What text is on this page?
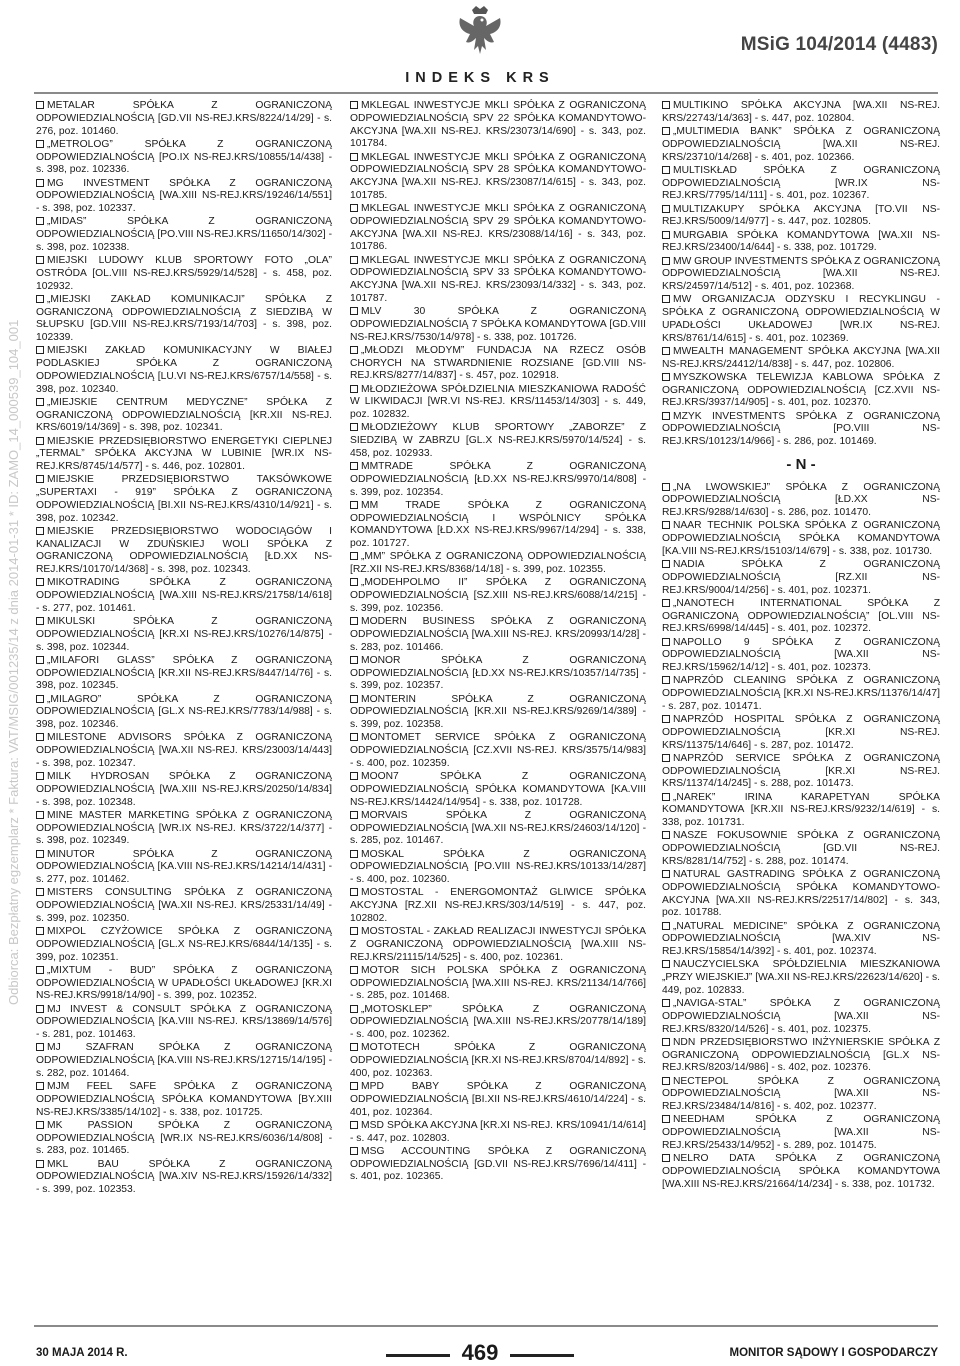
MSiG 104/2014 (4483)
INDEKS KRS
Odbiorca: Bezpłatny egzemplarz * Faktura: VAT/MSIG/001235/14 z dnia 2014-01-31 * ID: ZAMO_14_000539_104_001
METALAR SPÓŁKA Z OGRANICZONĄ ODPOWIEDZIALNOŚCIĄ [GD.VII NS-REJ.KRS/8224/14/29] - s. 276, poz. 101460.
„METROLOG” SPÓŁKA Z OGRANICZONĄ ODPOWIEDZIALNOŚCIĄ [PO.IX NS-REJ.KRS/10855/14/438] - s. 398, poz. 102336.
MG INVESTMENT SPÓŁKA Z OGRANICZONĄ ODPOWIEDZIALNOŚCIĄ [WA.XIII NS-REJ.KRS/19246/14/551] - s. 398, poz. 102337.
„MIDAS” SPÓŁKA Z OGRANICZONĄ ODPOWIEDZIALNOŚCIĄ [PO.VIII NS-REJ.KRS/11650/14/302] - s. 398, poz. 102338.
MIEJSKI LUDOWY KLUB SPORTOWY FOTO „OLA” OSTRÓDA [OL.VIII NS-REJ.KRS/5929/14/528] - s. 458, poz. 102932.
„MIEJSKI ZAKŁAD KOMUNIKACJI” SPÓŁKA Z OGRANICZONĄ ODPOWIEDZIALNOŚCIĄ Z SIEDZIBĄ W SŁUPSKU [GD.VIII NS-REJ.KRS/7193/14/703] - s. 398, poz. 102339.
MIEJSKI ZAKŁAD KOMUNIKACYJNY W BIAŁEJ PODLASKIEJ SPÓŁKA Z OGRANICZONĄ ODPOWIEDZIALNOŚCIĄ [LU.VI NS-REJ.KRS/6757/14/558] - s. 398, poz. 102340.
„MIEJSKIE CENTRUM MEDYCZNE” SPÓŁKA Z OGRANICZONĄ ODPOWIEDZIALNOŚCIĄ [KR.XII NS-REJ. KRS/6019/14/369] - s. 398, poz. 102341.
MIEJSKIE PRZEDSIĘBIORSTWO ENERGETYKI CIEPLNEJ „TERMAL” SPÓŁKA AKCYJNA W LUBINIE [WR.IX NS-REJ.KRS/8745/14/577] - s. 446, poz. 102801.
MIEJSKIE PRZEDSIĘBIORSTWO TAKSÓWKOWE „SUPERTAXI - 919” SPÓŁKA Z OGRANICZONĄ ODPOWIEDZIALNOŚCIĄ [BI.XII NS-REJ.KRS/4310/14/921] - s. 398, poz. 102342.
MIEJSKIE PRZEDSIĘBIORSTWO WODOCIĄGÓW I KANALIZACJI W ZDUŃSKIEJ WOLI SPÓŁKA Z OGRANICZONĄ ODPOWIEDZIALNOŚCIĄ [ŁD.XX NS-REJ.KRS/10170/14/368] - s. 398, poz. 102343.
MIKOTRADING SPÓŁKA Z OGRANICZONĄ ODPOWIEDZIALNOŚCIĄ [WA.XIII NS-REJ.KRS/21758/14/618] - s. 277, poz. 101461.
MIKULSKI SPÓŁKA Z OGRANICZONĄ ODPOWIEDZIALNOŚCIĄ [KR.XI NS-REJ.KRS/10276/14/875] - s. 398, poz. 102344.
„MILAFORI GLASS” SPÓŁKA Z OGRANICZONĄ ODPOWIEDZIALNOŚCIĄ [KR.XII NS-REJ.KRS/8447/14/76] - s. 398, poz. 102345.
„MILAGRO” SPÓŁKA Z OGRANICZONĄ ODPOWIEDZIALNOŚCIĄ [GL.X NS-REJ.KRS/7783/14/988] - s. 398, poz. 102346.
MILESTONE ADVISORS SPÓŁKA Z OGRANICZONĄ ODPOWIEDZIALNOŚCIĄ [WA.XII NS-REJ. KRS/23003/14/443] - s. 398, poz. 102347.
MILK HYDROSAN SPÓŁKA Z OGRANICZONĄ ODPOWIEDZIALNOŚCIĄ [WA.XIII NS-REJ.KRS/20250/14/834] - s. 398, poz. 102348.
MINE MASTER MARKETING SPÓŁKA Z OGRANICZONĄ ODPOWIEDZIALNOŚCIĄ [WR.IX NS-REJ. KRS/3722/14/377] - s. 398, poz. 102349.
MINUTOR SPÓŁKA Z OGRANICZONĄ ODPOWIEDZIALNOŚCIĄ [KA.VIII NS-REJ.KRS/14214/14/431] - s. 277, poz. 101462.
MISTERS CONSULTING SPÓŁKA Z OGRANICZONĄ ODPOWIEDZIALNOŚCIĄ [WA.XII NS-REJ. KRS/25331/14/49] - s. 399, poz. 102350.
MIXPOL CZYŻOWICE SPÓŁKA Z OGRANICZONĄ ODPOWIEDZIALNOŚCIĄ [GL.X NS-REJ.KRS/6844/14/135] - s. 399, poz. 102351.
„MIXTUM - BUD” SPÓŁKA Z OGRANICZONĄ ODPOWIEDZIALNOŚCIĄ W UPADŁOŚCI UKŁADOWEJ [KR.XI NS-REJ.KRS/9918/14/90] - s. 399, poz. 102352.
MJ INVEST & CONSULT SPÓŁKA Z OGRANICZONĄ ODPOWIEDZIALNOŚCIĄ [KA.VIII NS-REJ. KRS/13869/14/576] - s. 281, poz. 101463.
MJ SZAFRAN SPÓŁKA Z OGRANICZONĄ ODPOWIEDZIALNOŚCIĄ [KA.VIII NS-REJ.KRS/12715/14/195] - s. 282, poz. 101464.
MJM FEEL SAFE SPÓŁKA Z OGRANICZONĄ ODPOWIEDZIALNOŚCIĄ SPÓŁKA KOMANDYTOWA [BY.XIII NS-REJ.KRS/3385/14/102] - s. 338, poz. 101725.
MK PASSION SPÓŁKA Z OGRANICZONĄ ODPOWIEDZIALNOŚCIĄ [WR.IX NS-REJ.KRS/6036/14/808] - s. 283, poz. 101465.
MKL BAU SPÓŁKA Z OGRANICZONĄ ODPOWIEDZIALNOŚCIĄ [WA.XIV NS-REJ.KRS/15926/14/332] - s. 399, poz. 102353.
MKLEGAL INWESTYCJE MKLI SPÓŁKA Z OGRANICZONĄ ODPOWIEDZIALNOŚCIĄ SPV 22 SPÓŁKA KOMANDYTOWO-AKCYJNA [WA.XII NS-REJ. KRS/23073/14/690] - s. 343, poz. 101784.
MKLEGAL INWESTYCJE MKLI SPÓŁKA Z OGRANICZONĄ ODPOWIEDZIALNOŚCIĄ SPV 28 SPÓŁKA KOMANDYTOWO-AKCYJNA [WA.XII NS-REJ. KRS/23087/14/615] - s. 343, poz. 101785.
MKLEGAL INWESTYCJE MKLI SPÓŁKA Z OGRANICZONĄ ODPOWIEDZIALNOŚCIĄ SPV 29 SPÓŁKA KOMANDYTOWO-AKCYJNA [WA.XII NS-REJ. KRS/23088/14/16] - s. 343, poz. 101786.
MKLEGAL INWESTYCJE MKLI SPÓŁKA Z OGRANICZONĄ ODPOWIEDZIALNOŚCIĄ SPV 33 SPÓŁKA KOMANDYTOWO-AKCYJNA [WA.XII NS-REJ. KRS/23093/14/332] - s. 343, poz. 101787.
MLV 30 SPÓŁKA Z OGRANICZONĄ ODPOWIEDZIALNOŚCIĄ 7 SPÓŁKA KOMANDYTOWA [GD.VIII NS-REJ.KRS/7530/14/978] - s. 338, poz. 101726.
„MŁODZI MŁODYM” FUNDACJA NA RZECZ OSÓB CHORYCH NA STWARDNIENIE ROZSIANE [GD.VIII NS-REJ.KRS/8277/14/837] - s. 457, poz. 102918.
MŁODZIEŻOWA SPÓŁDZIELNIA MIESZKANIOWA RADOŚĆ W LIKWIDACJI [WR.VI NS-REJ. KRS/11453/14/303] - s. 449, poz. 102832.
MŁODZIEŻOWY KLUB SPORTOWY „ZABORZE” Z SIEDZIBĄ W ZABRZU [GL.X NS-REJ.KRS/5970/14/524] - s. 458, poz. 102933.
MMTRADE SPÓŁKA Z OGRANICZONĄ ODPOWIEDZIALNOŚCIĄ [ŁD.XX NS-REJ.KRS/9970/14/808] - s. 399, poz. 102354.
MM TRADE SPÓŁKA Z OGRANICZONĄ ODPOWIEDZIALNOŚCIĄ I WSPÓLNICY SPÓŁKA KOMANDYTOWA [ŁD.XX NS-REJ.KRS/9967/14/294] - s. 338, poz. 101727.
„MM” SPÓŁKA Z OGRANICZONĄ ODPOWIEDZIALNOŚCIĄ [RZ.XII NS-REJ.KRS/8368/14/18] - s. 399, poz. 102355.
„MODEHPOLMO II” SPÓŁKA Z OGRANICZONĄ ODPOWIEDZIALNOŚCIĄ [SZ.XIII NS-REJ.KRS/6088/14/215] - s. 399, poz. 102356.
MODERN BUSINESS SPÓŁKA Z OGRANICZONĄ ODPOWIEDZIALNOŚCIĄ [WA.XIII NS-REJ. KRS/20993/14/28] - s. 283, poz. 101466.
MONOR SPÓŁKA Z OGRANICZONĄ ODPOWIEDZIALNOŚCIĄ [ŁD.XX NS-REJ.KRS/10357/14/735] - s. 399, poz. 102357.
MONTERIN SPÓŁKA Z OGRANICZONĄ ODPOWIEDZIALNOŚCIĄ [KR.XII NS-REJ.KRS/9269/14/389] - s. 399, poz. 102358.
MONTOMET SERVICE SPÓŁKA Z OGRANICZONĄ ODPOWIEDZIALNOŚCIĄ [CZ.XVII NS-REJ. KRS/3575/14/983] - s. 400, poz. 102359.
MOON7 SPÓŁKA Z OGRANICZONĄ ODPOWIEDZIALNOŚCIĄ SPÓŁKA KOMANDYTOWA [KA.VIII NS-REJ.KRS/14424/14/954] - s. 338, poz. 101728.
MORVAIS SPÓŁKA Z OGRANICZONĄ ODPOWIEDZIALNOŚCIĄ [WA.XII NS-REJ.KRS/24603/14/120] - s. 285, poz. 101467.
MOSKAL SPÓŁKA Z OGRANICZONĄ ODPOWIEDZIALNOŚCIĄ [PO.VIII NS-REJ.KRS/10133/14/287] - s. 400, poz. 102360.
MOSTOSTAL - ENERGOMONTAŻ GLIWICE SPÓŁKA AKCYJNA [RZ.XII NS-REJ.KRS/303/14/519] - s. 447, poz. 102802.
MOSTOSTAL - ZAKŁAD REALIZACJI INWESTYCJI SPÓŁKA Z OGRANICZONĄ ODPOWIEDZIALNOŚCIĄ [WA.XIII NS-REJ.KRS/21115/14/525] - s. 400, poz. 102361.
MOTOR SICH POLSKA SPÓŁKA Z OGRANICZONĄ ODPOWIEDZIALNOŚCIĄ [WA.XIII NS-REJ. KRS/21134/14/766] - s. 285, poz. 101468.
„MOTOSKLEP” SPÓŁKA Z OGRANICZONĄ ODPOWIEDZIALNOŚCIĄ [WA.XIII NS-REJ.KRS/20778/14/189] - s. 400, poz. 102362.
MOTOTECH SPÓŁKA Z OGRANICZONĄ ODPOWIEDZIALNOŚCIĄ [KR.XI NS-REJ.KRS/8704/14/892] - s. 400, poz. 102363.
MPD BABY SPÓŁKA Z OGRANICZONĄ ODPOWIEDZIALNOŚCIĄ [BI.XII NS-REJ.KRS/4610/14/224] - s. 401, poz. 102364.
MSD SPÓŁKA AKCYJNA [KR.XI NS-REJ. KRS/10941/14/614] - s. 447, poz. 102803.
MSG ACCOUNTING SPÓŁKA Z OGRANICZONĄ ODPOWIEDZIALNOŚCIĄ [GD.VII NS-REJ.KRS/7696/14/411] - s. 401, poz. 102365.
MULTIKINO SPÓŁKA AKCYJNA [WA.XII NS-REJ. KRS/22743/14/363] - s. 447, poz. 102804.
„MULTIMEDIA BANK” SPÓŁKA Z OGRANICZONĄ ODPOWIEDZIALNOŚCIĄ [WA.XII NS-REJ. KRS/23710/14/268] - s. 401, poz. 102366.
MULTISKŁAD SPÓŁKA Z OGRANICZONĄ ODPOWIEDZIALNOŚCIĄ [WR.IX NS-REJ.KRS/7795/14/111] - s. 401, poz. 102367.
MULTIZAKUPY SPÓŁKA AKCYJNA [TO.VII NS-REJ.KRS/5009/14/977] - s. 447, poz. 102805.
MURGABIA SPÓŁKA KOMANDYTOWA [WA.XII NS-REJ.KRS/23400/14/644] - s. 338, poz. 101729.
MW GROUP INVESTMENTS SPÓŁKA Z OGRANICZONĄ ODPOWIEDZIALNOŚCIĄ [WA.XII NS-REJ. KRS/24597/14/512] - s. 401, poz. 102368.
MW ORGANIZACJA ODZYSKU I RECYKLINGU - SPÓŁKA Z OGRANICZONĄ ODPOWIEDZIALNOŚCIĄ W UPADŁOŚCI UKŁADOWEJ [WR.IX NS-REJ. KRS/8761/14/615] - s. 401, poz. 102369.
MWEALTH MANAGEMENT SPÓŁKA AKCYJNA [WA.XII NS-REJ.KRS/24412/14/838] - s. 447, poz. 102806.
MYSZKOWSKA TELEWIZJA KABLOWA SPÓŁKA Z OGRANICZONĄ ODPOWIEDZIALNOŚCIĄ [CZ.XVII NS-REJ.KRS/3937/14/905] - s. 401, poz. 102370.
MZYK INVESTMENTS SPÓŁKA Z OGRANICZONĄ ODPOWIEDZIALNOŚCIĄ [PO.VIII NS-REJ.KRS/10123/14/966] - s. 286, poz. 101469.
- N -
„NA LWOWSKIEJ” SPÓŁKA Z OGRANICZONĄ ODPOWIEDZIALNOŚCIĄ [ŁD.XX NS-REJ.KRS/9288/14/630] - s. 286, poz. 101470.
NAAR TECHNIK POLSKA SPÓŁKA Z OGRANICZONĄ ODPOWIEDZIALNOŚCIĄ SPÓŁKA KOMANDYTOWA [KA.VIII NS-REJ.KRS/15103/14/679] - s. 338, poz. 101730.
NADIA SPÓŁKA Z OGRANICZONĄ ODPOWIEDZIALNOŚCIĄ [RZ.XII NS-REJ.KRS/9004/14/256] - s. 401, poz. 102371.
„NANOTECH INTERNATIONAL SPÓŁKA Z OGRANICZONĄ ODPOWIEDZIALNOŚCIĄ” [OL.VIII NS-REJ.KRS/6998/14/445] - s. 401, poz. 102372.
NAPOLLO 9 SPÓŁKA Z OGRANICZONĄ ODPOWIEDZIALNOŚCIĄ [WA.XII NS-REJ.KRS/15962/14/12] - s. 401, poz. 102373.
NAPRZÓD CLEANING SPÓŁKA Z OGRANICZONĄ ODPOWIEDZIALNOŚCIĄ [KR.XI NS-REJ.KRS/11376/14/47] - s. 287, poz. 101471.
NAPRZÓD HOSPITAL SPÓŁKA Z OGRANICZONĄ ODPOWIEDZIALNOŚCIĄ [KR.XI NS-REJ. KRS/11375/14/646] - s. 287, poz. 101472.
NAPRZÓD SERVICE SPÓŁKA Z OGRANICZONĄ ODPOWIEDZIALNOŚCIĄ [KR.XI NS-REJ. KRS/11374/14/245] - s. 288, poz. 101473.
„NAREK” IRINA KARAPETYAN SPÓŁKA KOMANDYTOWA [KR.XII NS-REJ.KRS/9232/14/619] - s. 338, poz. 101731.
NASZE FOKUSOWNIE SPÓŁKA Z OGRANICZONĄ ODPOWIEDZIALNOŚCIĄ [GD.VII NS-REJ. KRS/8281/14/752] - s. 288, poz. 101474.
NATURAL GASTRADING SPÓŁKA Z OGRANICZONĄ ODPOWIEDZIALNOŚCIĄ SPÓŁKA KOMANDYTOWO-AKCYJNA [WA.XII NS-REJ.KRS/22517/14/802] - s. 343, poz. 101788.
„NATURAL MEDICINE” SPÓŁKA Z OGRANICZONĄ ODPOWIEDZIALNOŚCIĄ [WA.XIV NS-REJ.KRS/15854/14/392] - s. 401, poz. 102374.
NAUCZYCIELSKA SPÓŁDZIELNIA MIESZKANIOWA „PRZY WIEJSKIEJ” [WA.XII NS-REJ.KRS/22623/14/620] - s. 449, poz. 102833.
„NAVIGA-STAL” SPÓŁKA Z OGRANICZONĄ ODPOWIEDZIALNOŚCIĄ [WA.XII NS-REJ.KRS/8320/14/526] - s. 401, poz. 102375.
NDN PRZEDSIĘBIORSTWO INŻYNIERSKIE SPÓŁKA Z OGRANICZONĄ ODPOWIEDZIALNOŚCIĄ [GL.X NS-REJ.KRS/8203/14/986] - s. 402, poz. 102376.
NECTEPOL SPÓŁKA Z OGRANICZONĄ ODPOWIEDZIALNOŚCIĄ [WA.XII NS-REJ.KRS/23484/14/816] - s. 402, poz. 102377.
NEEDHAM SPÓŁKA Z OGRANICZONĄ ODPOWIEDZIALNOŚCIĄ [WA.XII NS-REJ.KRS/25433/14/952] - s. 289, poz. 101475.
NELRO DATA SPÓŁKA Z OGRANICZONĄ ODPOWIEDZIALNOŚCIĄ SPÓŁKA KOMANDYTOWA [WA.XIII NS-REJ.KRS/21664/14/234] - s. 338, poz. 101732.
30 MAJA 2014 R.	469	MONITOR SĄDOWY I GOSPODARCZY
